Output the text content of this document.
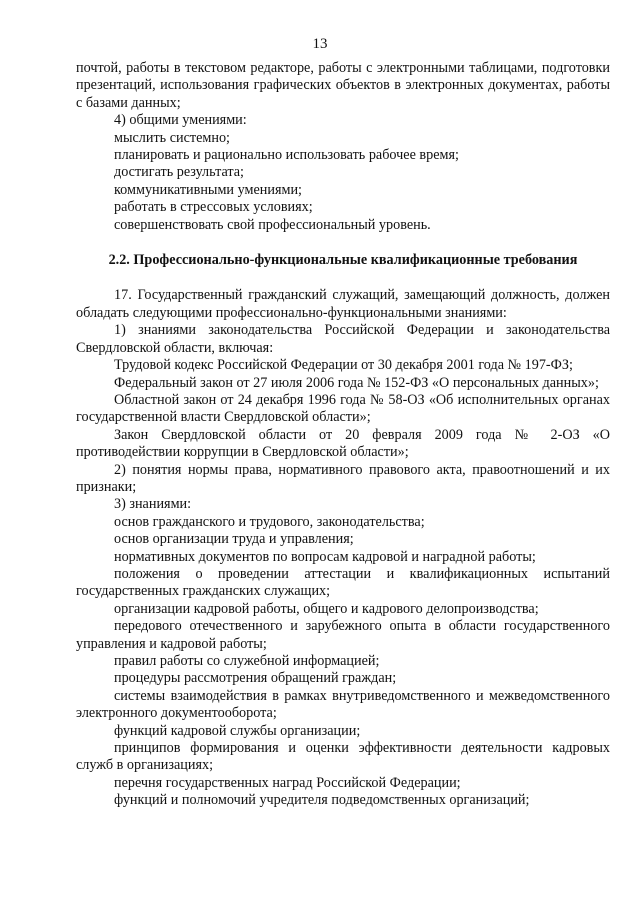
13

почтой, работы в текстовом редакторе, работы с электронными таблицами, подготовки презентаций, использования графических объектов в электронных документах, работы с базами данных;

4) общими умениями:

мыслить системно;

планировать и рационально использовать рабочее время;

достигать результата;

коммуникативными умениями;

работать в стрессовых условиях;

совершенствовать свой профессиональный уровень.

2.2. Профессионально-функциональные квалификационные требования

17. Государственный гражданский служащий, замещающий должность, должен обладать следующими профессионально-функциональными знаниями:

1) знаниями законодательства Российской Федерации и законодательства Свердловской области, включая:

Трудовой кодекс Российской Федерации от 30 декабря 2001 года № 197-ФЗ;

Федеральный закон от 27 июля 2006 года № 152-ФЗ «О персональных данных»;

Областной закон от 24 декабря 1996 года № 58-ОЗ «Об исполнительных органах государственной власти Свердловской области»;

Закон Свердловской области от 20 февраля 2009 года № 2-ОЗ «О противодействии коррупции в Свердловской области»;

2) понятия нормы права, нормативного правового акта, правоотношений и их признаки;

3) знаниями:

основ гражданского и трудового, законодательства;

основ организации труда и управления;

нормативных документов по вопросам кадровой и наградной работы;

положения о проведении аттестации и квалификационных испытаний государственных гражданских служащих;

организации кадровой работы, общего и кадрового делопроизводства;

передового отечественного и зарубежного опыта в области государственного управления и кадровой работы;

правил работы со служебной информацией;

процедуры рассмотрения обращений граждан;

системы взаимодействия в рамках внутриведомственного и межведомственного электронного документооборота;

функций кадровой службы организации;

принципов формирования и оценки эффективности деятельности кадровых служб в организациях;

перечня государственных наград Российской Федерации;

функций и полномочий учредителя подведомственных организаций;
